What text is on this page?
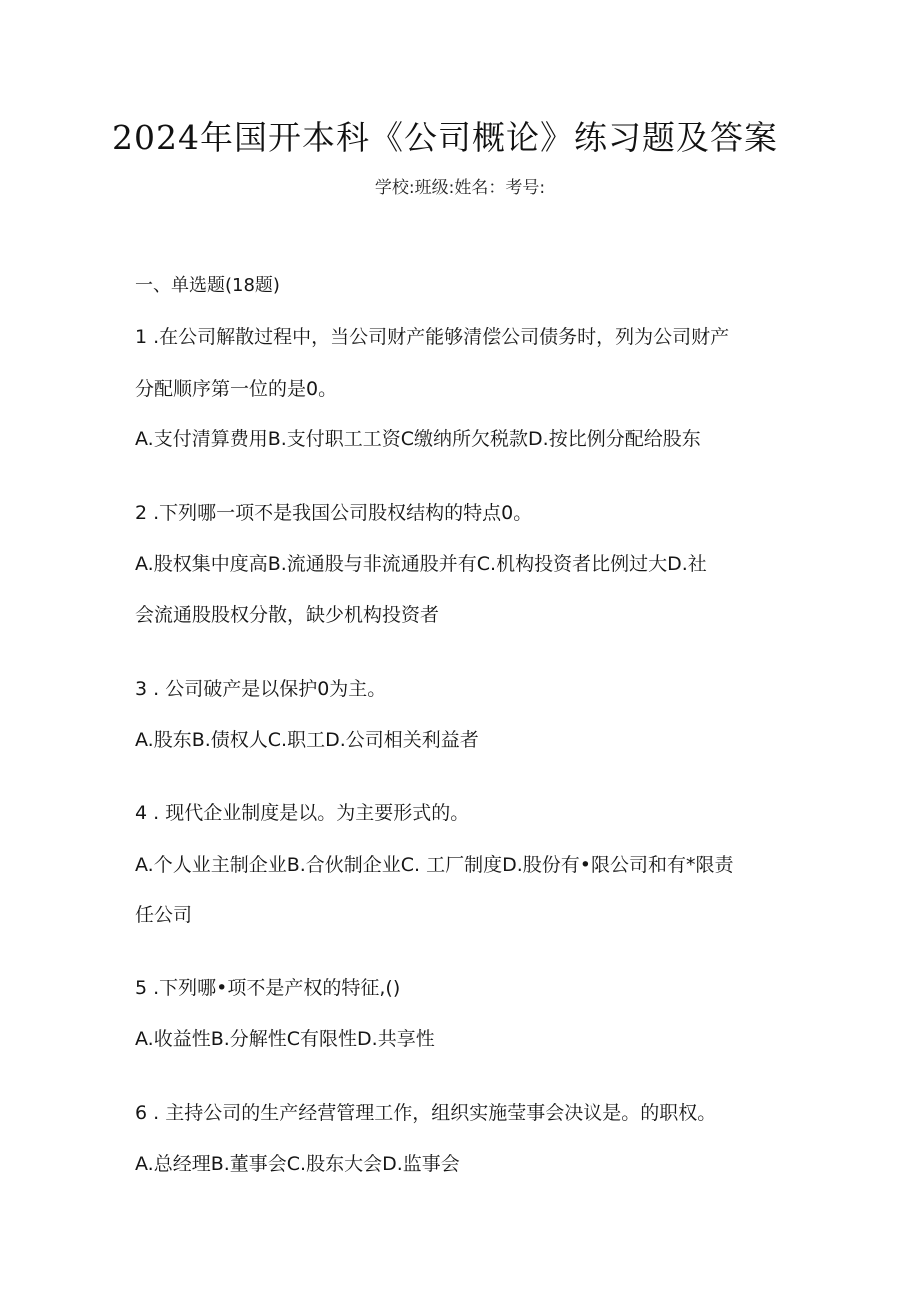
2024年国开本科《公司概论》练习题及答案
学校:班级:姓名：考号:
一、单选题(18题)
1 .在公司解散过程中，当公司财产能够清偿公司债务时，列为公司财产
分配顺序第一位的是0。
A.支付清算费用B.支付职工工资C缴纳所欠税款D.按比例分配给股东
2 .下列哪一项不是我国公司股权结构的特点0。
A.股权集中度高B.流通股与非流通股并有C.机构投资者比例过大D.社
会流通股股权分散，缺少机构投资者
3 . 公司破产是以保护0为主。
A.股东B.债权人C.职工D.公司相关利益者
4 . 现代企业制度是以。为主要形式的。
A.个人业主制企业B.合伙制企业C. 工厂制度D.股份有•限公司和有*限责
任公司
5 .下列哪•项不是产权的特征,()
A.收益性B.分解性C有限性D.共享性
6 . 主持公司的生产经营管理工作，组织实施莹事会决议是。的职权。
A.总经理B.董事会C.股东大会D.监事会
